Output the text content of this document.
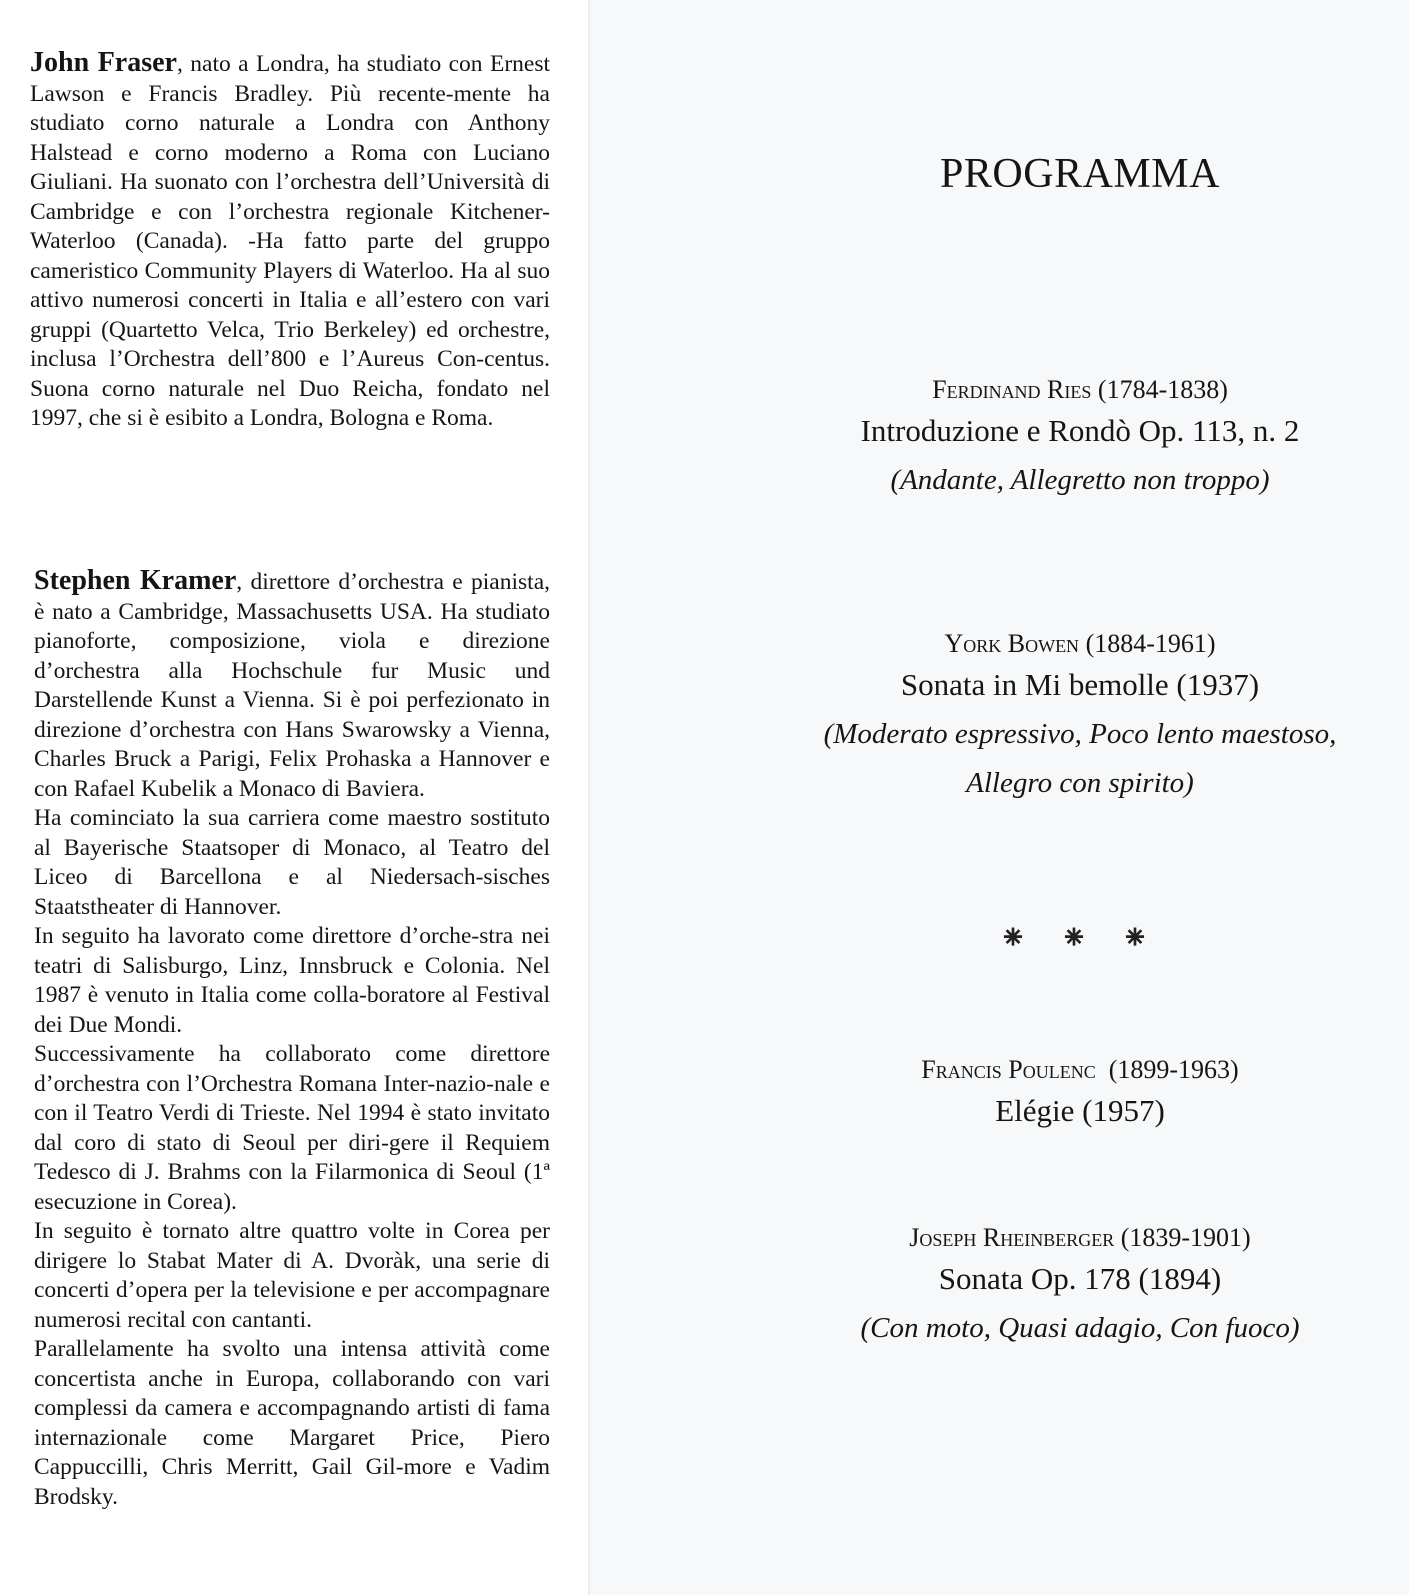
John Fraser, nato a Londra, ha studiato con Ernest Lawson e Francis Bradley. Più recente-mente ha studiato corno naturale a Londra con Anthony Halstead e corno moderno a Roma con Luciano Giuliani. Ha suonato con l’orchestra dell’Università di Cambridge e con l’orchestra regionale Kitchener-Waterloo (Canada). -Ha fatto parte del gruppo cameristico Community Players di Waterloo. Ha al suo attivo numerosi concerti in Italia e all’estero con vari gruppi (Quartetto Velca, Trio Berkeley) ed orchestre, inclusa l’Orchestra dell’800 e l’Aureus Con-centus. Suona corno naturale nel Duo Reicha, fondato nel 1997, che si è esibito a Londra, Bologna e Roma.

Stephen Kramer, direttore d’orchestra e pianista, è nato a Cambridge, Massachusetts USA. Ha studiato pianoforte, composizione, viola e direzione d’orchestra alla Hochschule fur Music und Darstellende Kunst a Vienna. Si è poi perfezionato in direzione d’orchestra con Hans Swarowsky a Vienna, Charles Bruck a Parigi, Felix Prohaska a Hannover e con Rafael Kubelik a Monaco di Baviera.

Ha cominciato la sua carriera come maestro sostituto al Bayerische Staatsoper di Monaco, al Teatro del Liceo di Barcellona e al Niedersach-sisches Staatstheater di Hannover.

In seguito ha lavorato come direttore d’orche-stra nei teatri di Salisburgo, Linz, Innsbruck e Colonia. Nel 1987 è venuto in Italia come colla-boratore al Festival dei Due Mondi.

Successivamente ha collaborato come direttore d’orchestra con l’Orchestra Romana Inter-nazio-nale e con il Teatro Verdi di Trieste. Nel 1994 è stato invitato dal coro di stato di Seoul per diri-gere il Requiem Tedesco di J. Brahms con la Filarmonica di Seoul (1ª esecuzione in Corea).

In seguito è tornato altre quattro volte in Corea per dirigere lo Stabat Mater di A. Dvoràk, una serie di concerti d’opera per la televisione e per accompagnare numerosi recital con cantanti.

Parallelamente ha svolto una intensa attività come concertista anche in Europa, collaborando con vari complessi da camera e accompagnando artisti di fama internazionale come Margaret Price, Piero Cappuccilli, Chris Merritt, Gail Gil-more e Vadim Brodsky.

PROGRAMMA
Ferdinand Ries (1784-1838)
Introduzione e Rondò Op. 113, n. 2
(Andante, Allegretto non troppo)
York Bowen (1884-1961)
Sonata in Mi bemolle (1937)
(Moderato espressivo, Poco lento maestoso,
Allegro con spirito)
⁕ ⁕ ⁕
Francis Poulenc (1899-1963)
Elégie (1957)
Joseph Rheinberger (1839-1901)
Sonata Op. 178 (1894)
(Con moto, Quasi adagio, Con fuoco)
